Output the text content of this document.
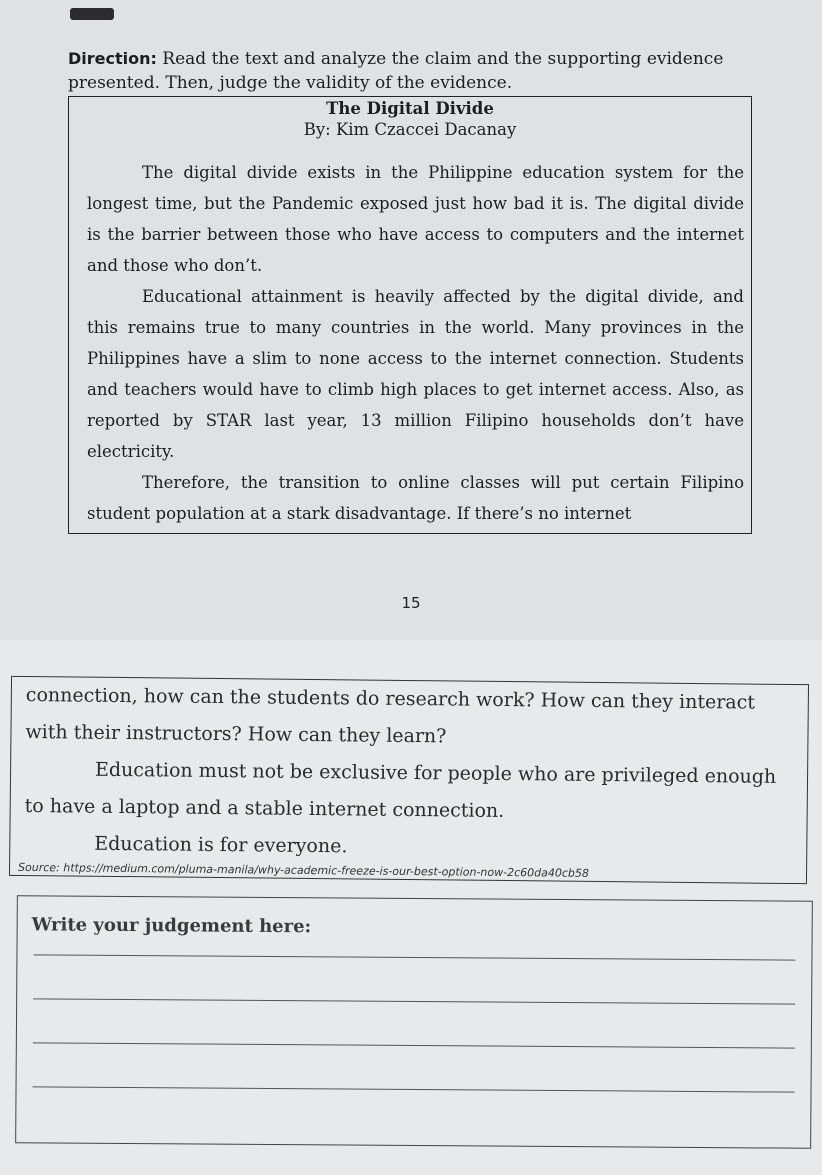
Direction: Read the text and analyze the claim and the supporting evidence presented. Then, judge the validity of the evidence.
The Digital Divide
By: Kim Czaccei Dacanay

The digital divide exists in the Philippine education system for the longest time, but the Pandemic exposed just how bad it is. The digital divide is the barrier between those who have access to computers and the internet and those who don’t.

Educational attainment is heavily affected by the digital divide, and this remains true to many countries in the world. Many provinces in the Philippines have a slim to none access to the internet connection. Students and teachers would have to climb high places to get internet access. Also, as reported by STAR last year, 13 million Filipino households don’t have electricity.

Therefore, the transition to online classes will put certain Filipino student population at a stark disadvantage. If there’s no internet

15

connection, how can the students do research work? How can they interact with their instructors? How can they learn?

Education must not be exclusive for people who are privileged enough to have a laptop and a stable internet connection.

Education is for everyone.

Source: https://medium.com/pluma-manila/why-academic-freeze-is-our-best-option-now-2c60da40cb58
Write your judgement here:
